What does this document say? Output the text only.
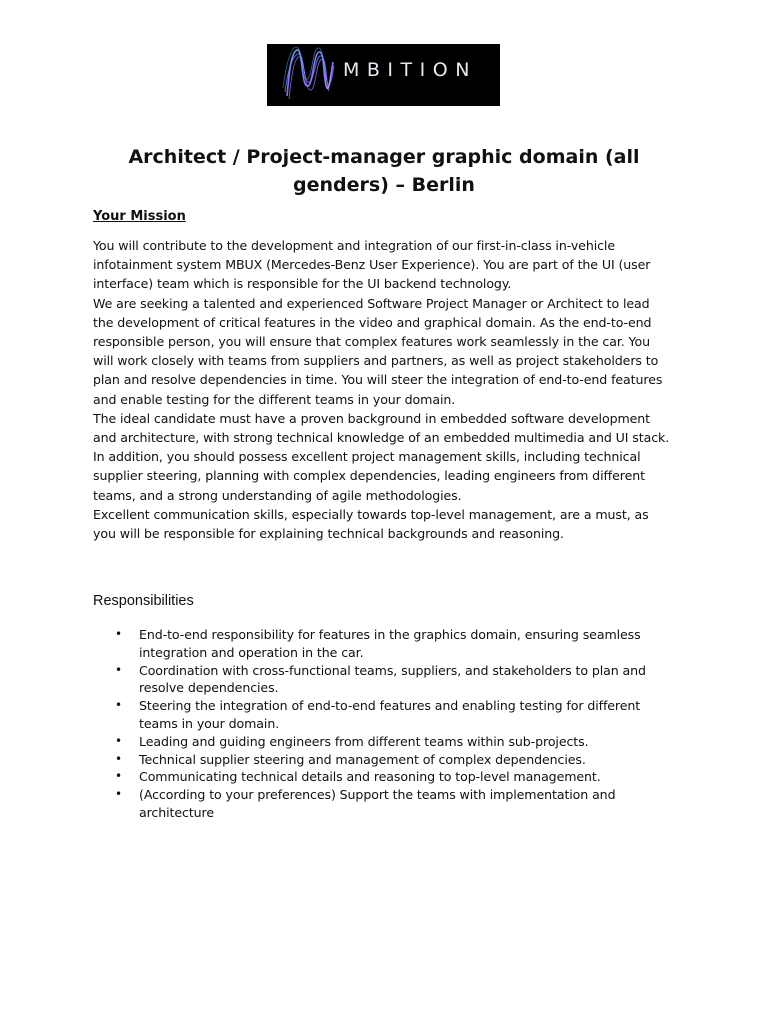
MBITION
Architect / Project-manager graphic domain (all genders) – Berlin
Your Mission

You will contribute to the development and integration of our first-in-class in-vehicle infotainment system MBUX (Mercedes-Benz User Experience). You are part of the UI (user interface) team which is responsible for the UI backend technology.

We are seeking a talented and experienced Software Project Manager or Architect to lead the development of critical features in the video and graphical domain. As the end-to-end responsible person, you will ensure that complex features work seamlessly in the car. You will work closely with teams from suppliers and partners, as well as project stakeholders to plan and resolve dependencies in time. You will steer the integration of end-to-end features and enable testing for the different teams in your domain.

The ideal candidate must have a proven background in embedded software development and architecture, with strong technical knowledge of an embedded multimedia and UI stack.

In addition, you should possess excellent project management skills, including technical supplier steering, planning with complex dependencies, leading engineers from different teams, and a strong understanding of agile methodologies.

Excellent communication skills, especially towards top-level management, are a must, as you will be responsible for explaining technical backgrounds and reasoning.

Responsibilities
• End-to-end responsibility for features in the graphics domain, ensuring seamless integration and operation in the car.
• Coordination with cross-functional teams, suppliers, and stakeholders to plan and resolve dependencies.
• Steering the integration of end-to-end features and enabling testing for different teams in your domain.
• Leading and guiding engineers from different teams within sub-projects.
• Technical supplier steering and management of complex dependencies.
• Communicating technical details and reasoning to top-level management.
• (According to your preferences) Support the teams with implementation and architecture
